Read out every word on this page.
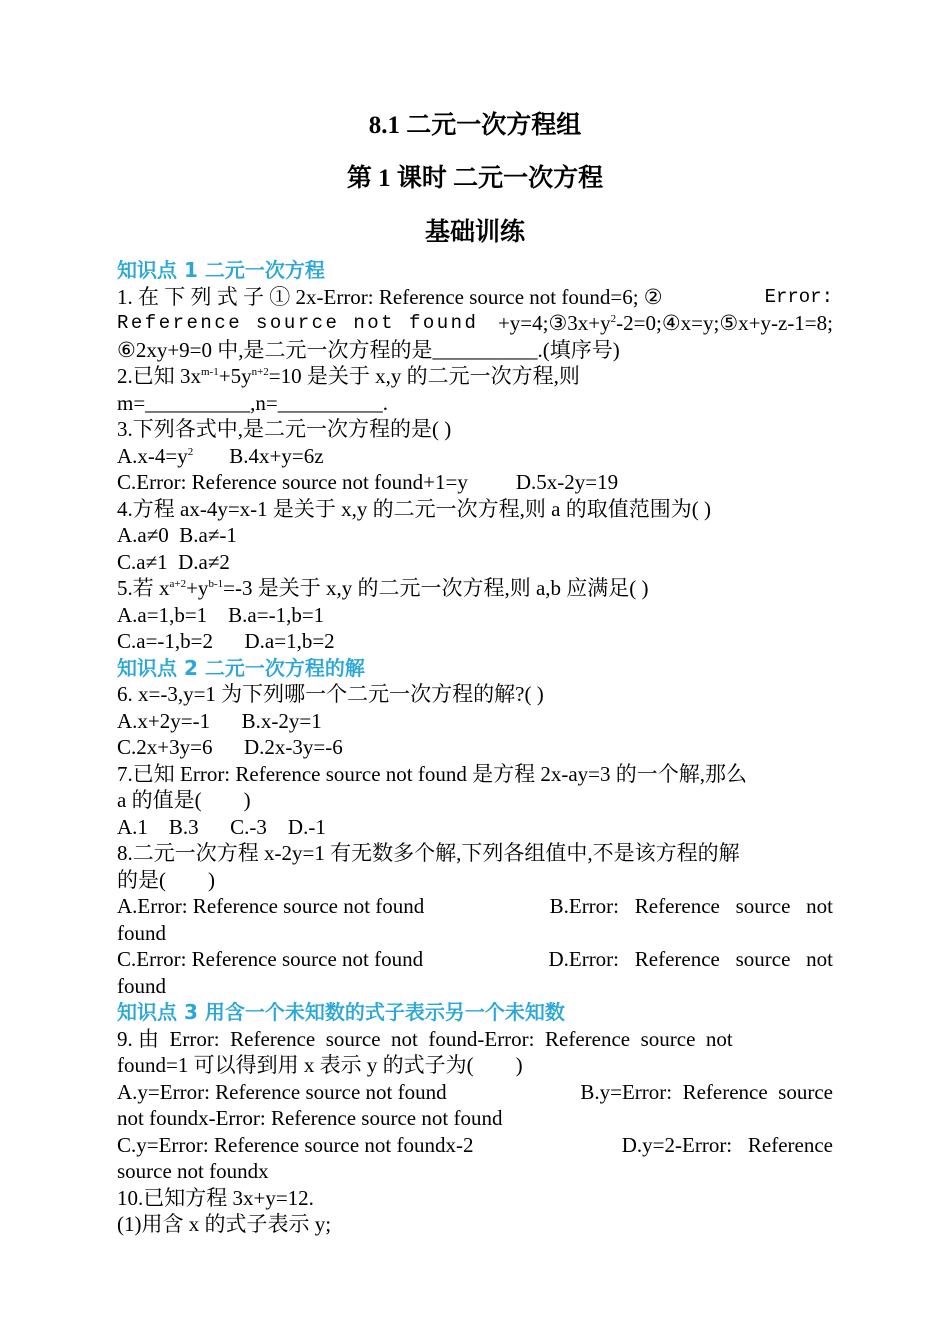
8.1 二元一次方程组
第 1 课时 二元一次方程
基础训练
知识点 1 二元一次方程
1. 在 下 列 式 子 ① 2x-Error: Reference source not found=6; ②	Error:
Reference source not found $+y=4;③3x+y^2-2=0;④x=y;⑤x+y-z-1=8$;
⑥2xy+9=0 中,是二元一次方程的是__________.(填序号)
2.已知 $3x^{m-1}+5y^{n+2}=10$ 是关于 x,y 的二元一次方程,则
m=__________,n=__________.
3.下列各式中,是二元一次方程的是( )
$A.x-4=y^2$ B.4x+y=6z
C.Error: Reference source not found+1=y D.5x-2y=19
4.方程 ax-4y=x-1 是关于 x,y 的二元一次方程,则 a 的取值范围为( )
A.a≠0  B.a≠-1
C.a≠1  D.a≠2
5.若 $x^{a+2}+y^{b-1}=-3$ 是关于 x,y 的二元一次方程,则 a,b 应满足( )
A.a=1,b=1    B.a=-1,b=1
C.a=-1,b=2      D.a=1,b=2
知识点 2 二元一次方程的解
6. x=-3,y=1 为下列哪一个二元一次方程的解?( )
A.x+2y=-1      B.x-2y=1
C.2x+3y=6      D.2x-3y=-6
7.已知 Error: Reference source not found 是方程 2x-ay=3 的一个解,那么
a 的值是(        )
A.1    B.3      C.-3    D.-1
8.二元一次方程 x-2y=1 有无数多个解,下列各组值中,不是该方程的解
的是(        )
A.Error: Reference source not found	B.Error:   Reference   source   not
found
C.Error: Reference source not found	D.Error:   Reference   source   not
found
知识点 3 用含一个未知数的式子表示另一个未知数
9. 由  Error:  Reference  source  not  found-Error:  Reference  source  not
found=1 可以得到用 x 表示 y 的式子为(        )
A.y=Error: Reference source not found	B.y=Error:  Reference  source
not foundx-Error: Reference source not found
C.y=Error: Reference source not foundx-2	D.y=2-Error:   Reference
source not foundx
10.已知方程 3x+y=12.
(1)用含 x 的式子表示 y;
